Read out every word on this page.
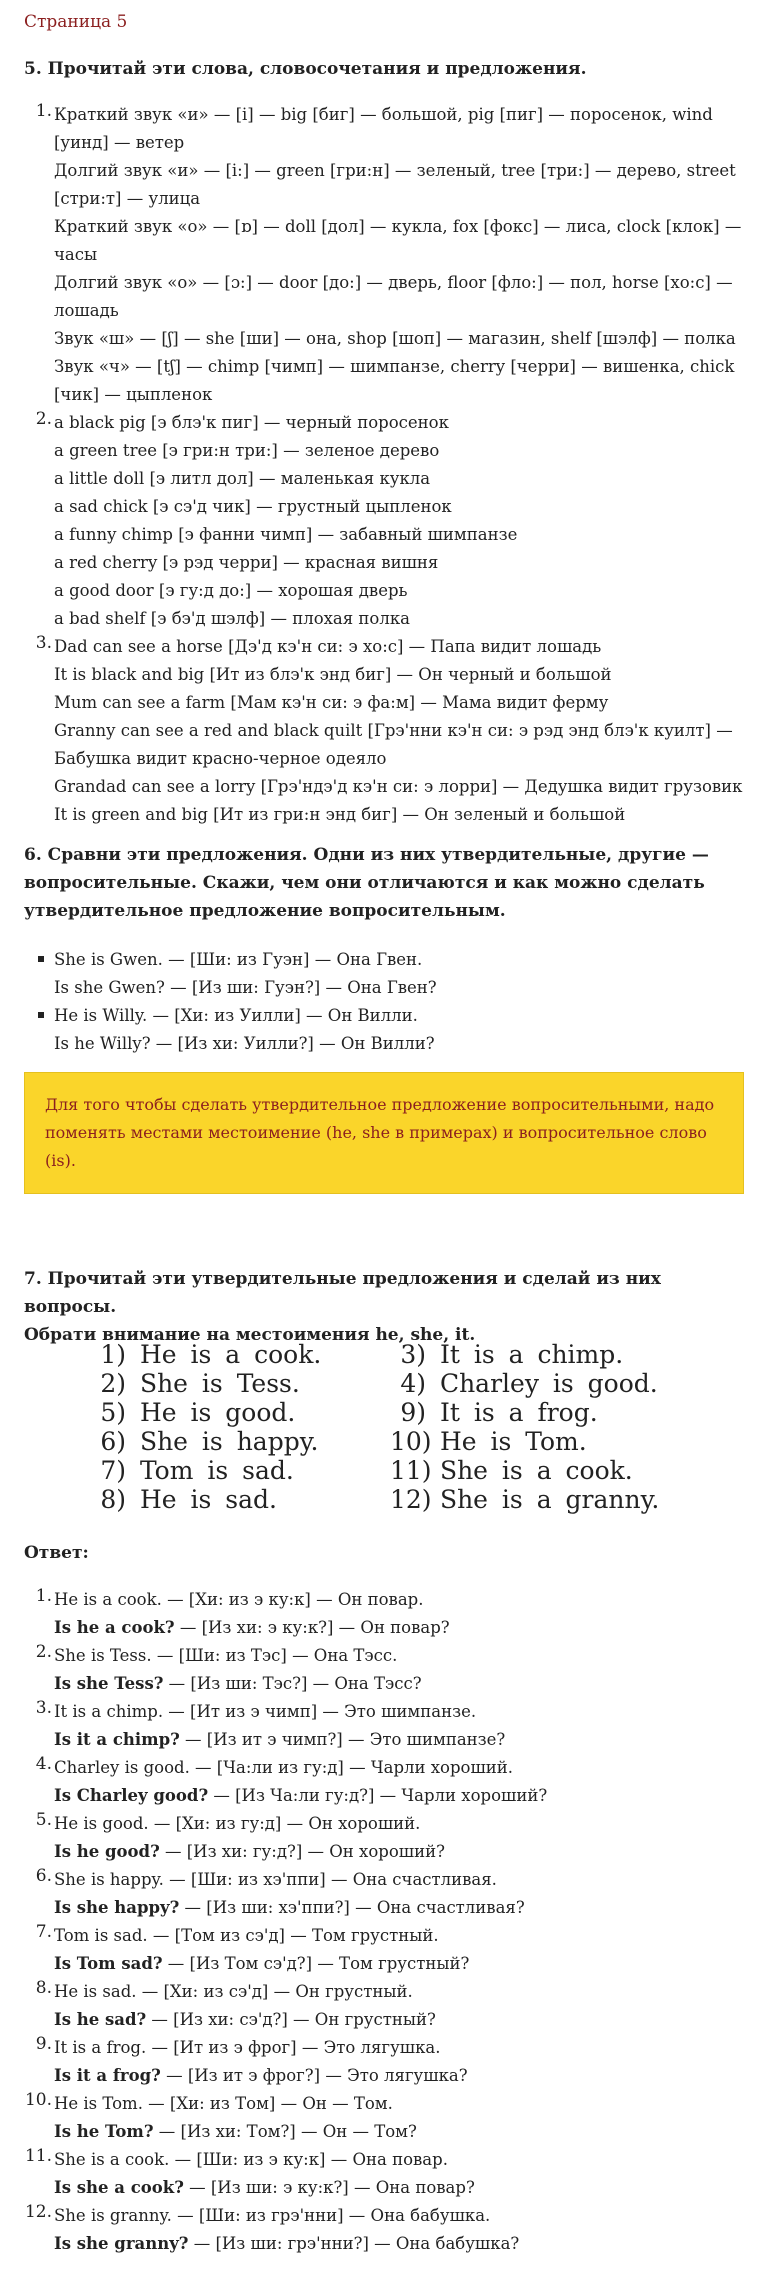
Страница 5

5. Прочитай эти слова, словосочетания и предложения.

1. Краткий звук «и» — [i] — big [биг] — большой, pig [пиг] — поросенок, wind
[уинд] — ветер
Долгий звук «и» — [i:] — green [гри:н] — зеленый, tree [три:] — дерево, street
[стри:т] — улица
Краткий звук «о» — [ɒ] — doll [дол] — кукла, fox [фокс] — лиса, clock [клок] —
часы
Долгий звук «о» — [ɔ:] — door [до:] — дверь, floor [фло:] — пол, horse [хо:с] —
лошадь
Звук «ш» — [ʃ] — she [ши] — она, shop [шоп] — магазин, shelf [шэлф] — полка
Звук «ч» — [tʃ] — chimp [чимп] — шимпанзе, cherry [черри] — вишенка, chick
[чик] — цыпленок
2. a black pig [э блэ'к пиг] — черный поросенок
a green tree [э гри:н три:] — зеленое дерево
a little doll [э литл дол] — маленькая кукла
a sad chick [э сэ'д чик] — грустный цыпленок
a funny chimp [э фанни чимп] — забавный шимпанзе
a red cherry [э рэд черри] — красная вишня
a good door [э гу:д до:] — хорошая дверь
a bad shelf [э бэ'д шэлф] — плохая полка
3. Dad can see a horse [Дэ'д кэ'н си: э хо:с] — Папа видит лошадь
It is black and big [Ит из блэ'к энд биг] — Он черный и большой
Mum can see a farm [Мам кэ'н си: э фа:м] — Мама видит ферму
Granny can see a red and black quilt [Грэ'нни кэ'н си: э рэд энд блэ'к куилт] —
Бабушка видит красно-черное одеяло
Grandad can see a lorry [Грэ'ндэ'д кэ'н си: э лорри] — Дедушка видит грузовик
It is green and big [Ит из гри:н энд биг] — Он зеленый и большой
6. Сравни эти предложения. Одни из них утвердительные, другие —
вопросительные. Скажи, чем они отличаются и как можно сделать
утвердительное предложение вопросительным.
She is Gwen. — [Ши: из Гуэн] — Она Гвен.
Is she Gwen? — [Из ши: Гуэн?] — Она Гвен?
He is Willy. — [Хи: из Уилли] — Он Вилли.
Is he Willy? — [Из хи: Уилли?] — Он Вилли?
Для того чтобы сделать утвердительное предложение вопросительными, надо
поменять местами местоимение (he, she в примерах) и вопросительное слово
(is).
7. Прочитай эти утвердительные предложения и сделай из них вопросы.
Обрати внимание на местоимения he, she, it.
1) He is a cook.
2) She is Tess.
5) He is good.
6) She is happy.
7) Tom is sad.
8) He is sad.
3) It is a chimp.
4) Charley is good.
9) It is a frog.
10) He is Tom.
11) She is a cook.
12) She is a granny.

Ответ:

1. He is a cook. — [Хи: из э ку:к] — Он повар.
Is he a cook? — [Из хи: э ку:к?] — Он повар?
2. She is Tess. — [Ши: из Тэс] — Она Тэсс.
Is she Tess? — [Из ши: Тэс?] — Она Тэсс?
3. It is a chimp. — [Ит из э чимп] — Это шимпанзе.
Is it a chimp? — [Из ит э чимп?] — Это шимпанзе?
4. Charley is good. — [Ча:ли из гу:д] — Чарли хороший.
Is Charley good? — [Из Ча:ли гу:д?] — Чарли хороший?
5. He is good. — [Хи: из гу:д] — Он хороший.
Is he good? — [Из хи: гу:д?] — Он хороший?
6. She is happy. — [Ши: из хэ'ппи] — Она счастливая.
Is she happy? — [Из ши: хэ'ппи?] — Она счастливая?
7. Tom is sad. — [Том из сэ'д] — Том грустный.
Is Tom sad? — [Из Том сэ'д?] — Том грустный?
8. He is sad. — [Хи: из сэ'д] — Он грустный.
Is he sad? — [Из хи: сэ'д?] — Он грустный?
9. It is a frog. — [Ит из э фрог] — Это лягушка.
Is it a frog? — [Из ит э фрог?] — Это лягушка?
10. He is Tom. — [Хи: из Том] — Он — Том.
Is he Tom? — [Из хи: Том?] — Он — Том?
11. She is a cook. — [Ши: из э ку:к] — Она повар.
Is she a cook? — [Из ши: э ку:к?] — Она повар?
12. She is granny. — [Ши: из грэ'нни] — Она бабушка.
Is she granny? — [Из ши: грэ'нни?] — Она бабушка?
